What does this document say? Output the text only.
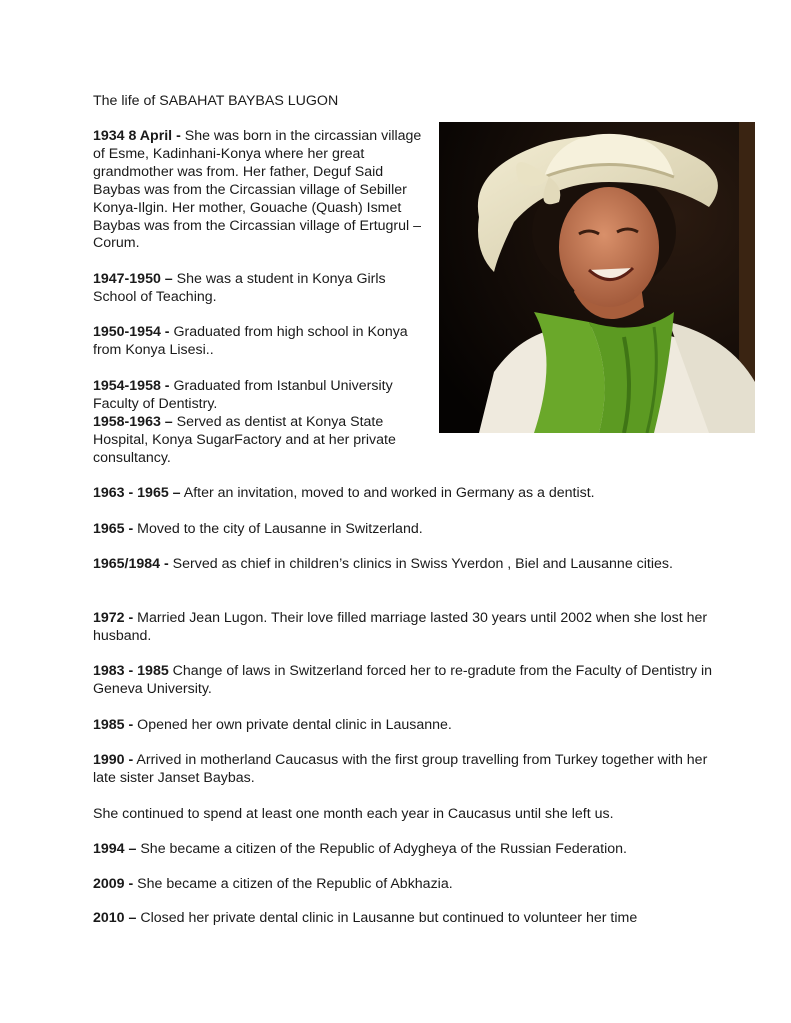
The life of SABAHAT BAYBAS LUGON

1934 8 April - She was born in the circassian village of Esme, Kadinhani-Konya where her great grandmother was from. Her father, Deguf Said Baybas was from the Circassian village of Sebiller Konya-Ilgin. Her mother, Gouache (Quash) Ismet Baybas was from the Circassian village of Ertugrul – Corum.

1947-1950 – She was a student in Konya Girls School of Teaching.

1950-1954 - Graduated from high school in Konya from Konya Lisesi..

1954-1958 - Graduated from Istanbul University Faculty of Dentistry.

1958-1963 – Served as dentist at Konya State Hospital, Konya SugarFactory and at her private consultancy.

1963 - 1965 – After an invitation, moved to and worked in Germany as a dentist.

1965 - Moved to the city of Lausanne in Switzerland.

1965/1984 - Served as chief in children’s clinics in Swiss Yverdon , Biel and Lausanne cities.

1972 - Married Jean Lugon. Their love filled marriage lasted 30 years until 2002 when she lost her husband.

1983 - 1985 Change of laws in Switzerland forced her to re-gradute from the Faculty of Dentistry in Geneva University.

1985 - Opened her own private dental clinic in Lausanne.

1990 - Arrived in motherland Caucasus with the first group travelling from Turkey together with her late sister Janset Baybas.

She continued to spend at least one month each year in Caucasus until she left us.

1994 – She became a citizen of the Republic of Adygheya of the Russian Federation.

2009 - She became a citizen of the Republic of Abkhazia.

2010 – Closed her private dental clinic in Lausanne but continued to volunteer her time
